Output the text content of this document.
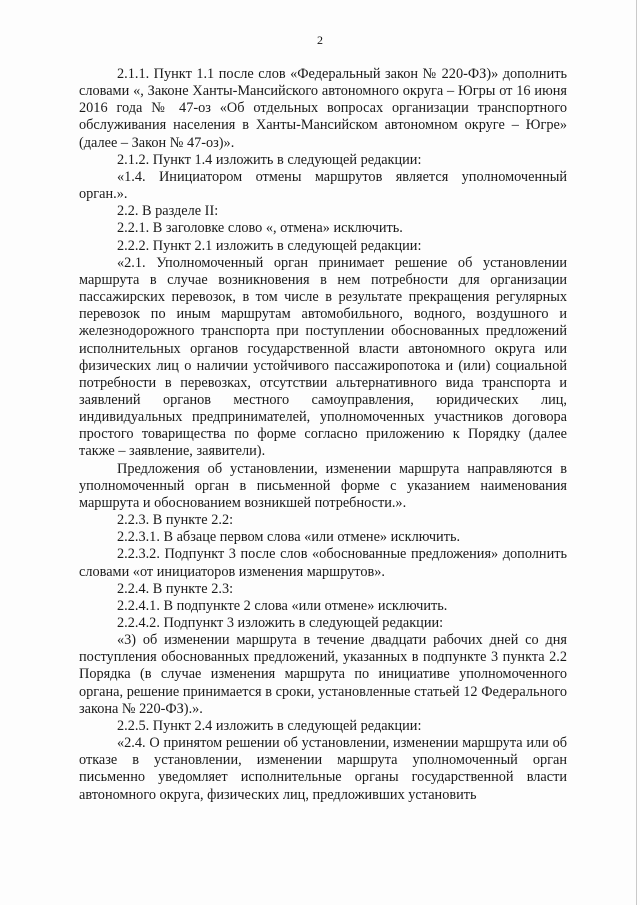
2

2.1.1. Пункт 1.1 после слов «Федеральный закон № 220-ФЗ)» дополнить словами «, Законе Ханты-Мансийского автономного округа – Югры от 16 июня 2016 года № 47-оз «Об отдельных вопросах организации транспортного обслуживания населения в Ханты-Мансийском автономном округе – Югре» (далее – Закон № 47-оз)».

2.1.2. Пункт 1.4 изложить в следующей редакции:

«1.4. Инициатором отмены маршрутов является уполномоченный орган.».

2.2. В разделе II:

2.2.1. В заголовке слово «, отмена» исключить.

2.2.2. Пункт 2.1 изложить в следующей редакции:

«2.1. Уполномоченный орган принимает решение об установлении маршрута в случае возникновения в нем потребности для организации пассажирских перевозок, в том числе в результате прекращения регулярных перевозок по иным маршрутам автомобильного, водного, воздушного и железнодорожного транспорта при поступлении обоснованных предложений исполнительных органов государственной власти автономного округа или физических лиц о наличии устойчивого пассажиропотока и (или) социальной потребности в перевозках, отсутствии альтернативного вида транспорта и заявлений органов местного самоуправления, юридических лиц, индивидуальных предпринимателей, уполномоченных участников договора простого товарищества по форме согласно приложению к Порядку (далее также – заявление, заявители).

Предложения об установлении, изменении маршрута направляются в уполномоченный орган в письменной форме с указанием наименования маршрута и обоснованием возникшей потребности.».

2.2.3. В пункте 2.2:

2.2.3.1. В абзаце первом слова «или отмене» исключить.

2.2.3.2. Подпункт 3 после слов «обоснованные предложения» дополнить словами «от инициаторов изменения маршрутов».

2.2.4. В пункте 2.3:

2.2.4.1. В подпункте 2 слова «или отмене» исключить.

2.2.4.2. Подпункт 3 изложить в следующей редакции:

«3) об изменении маршрута в течение двадцати рабочих дней со дня поступления обоснованных предложений, указанных в подпункте 3 пункта 2.2 Порядка (в случае изменения маршрута по инициативе уполномоченного органа, решение принимается в сроки, установленные статьей 12 Федерального закона № 220-ФЗ).».

2.2.5. Пункт 2.4 изложить в следующей редакции:

«2.4. О принятом решении об установлении, изменении маршрута или об отказе в установлении, изменении маршрута уполномоченный орган письменно уведомляет исполнительные органы государственной власти автономного округа, физических лиц, предложивших установить
